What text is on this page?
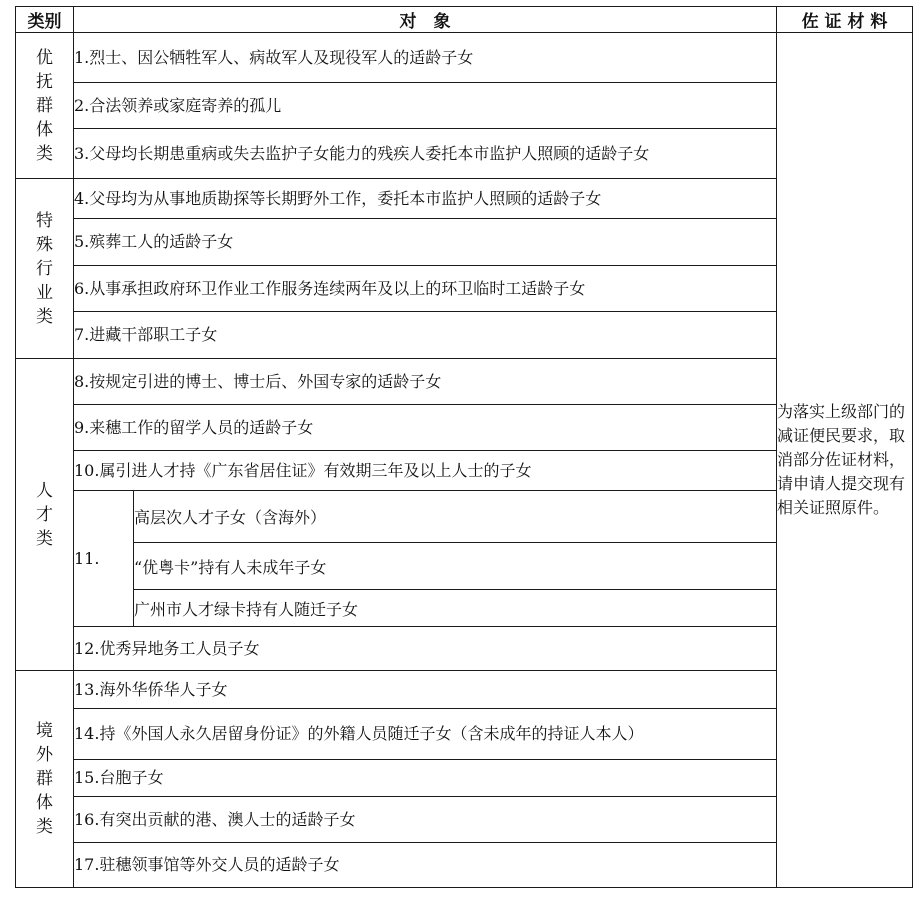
类别	对　象		佐 证 材 料
优抚群体类	1.烈士、因公牺牲军人、病故军人及现役军人的适龄子女		为落实上级部门的减证便民要求，取消部分佐证材料，请申请人提交现有相关证照原件。

	2.合法领养或家庭寄养的孤儿		
	3.父母均长期患重病或失去监护子女能力的残疾人委托本市监护人照顾的适龄子女		
特殊行业类	4.父母均为从事地质勘探等长期野外工作，委托本市监护人照顾的适龄子女		
	5.殡葬工人的适龄子女		
	6.从事承担政府环卫作业工作服务连续两年及以上的环卫临时工适龄子女		
	7.进藏干部职工子女		
人才类	8.按规定引进的博士、博士后、外国专家的适龄子女		
	9.来穗工作的留学人员的适龄子女		
	10.属引进人才持《广东省居住证》有效期三年及以上人士的子女		
	11.	高层次人才子女（含海外）	
		“优粤卡”持有人未成年子女	
		广州市人才绿卡持有人随迁子女	
	12.优秀异地务工人员子女		
境外群体类	13.海外华侨华人子女		
	14.持《外国人永久居留身份证》的外籍人员随迁子女（含未成年的持证人本人）		
	15.台胞子女		
	16.有突出贡献的港、澳人士的适龄子女		
	17.驻穗领事馆等外交人员的适龄子女		
